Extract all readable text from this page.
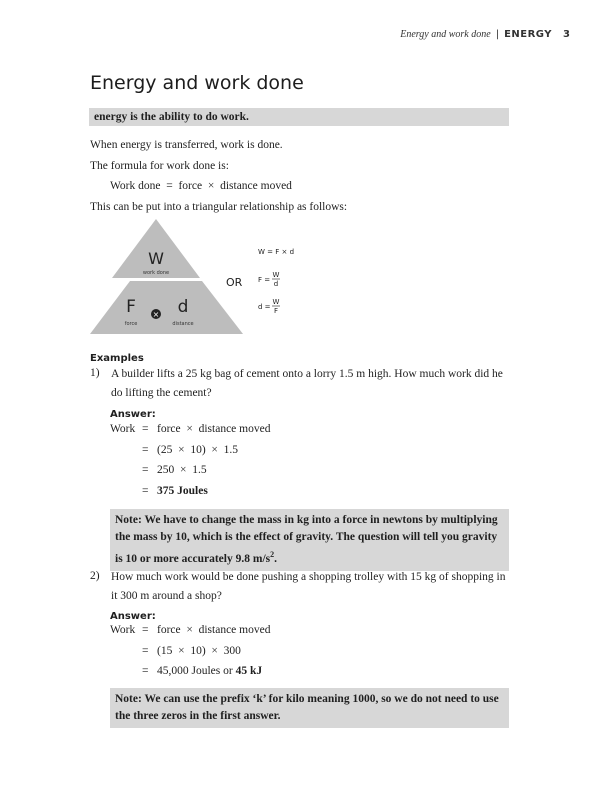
Energy and work done | ENERGY 3
Energy and work done
energy is the ability to do work.

When energy is transferred, work is done.

The formula for work done is:

Work done  =  force  ×  distance moved

This can be put into a triangular relationship as follows:

W
work done
F
force
d
distance
×
OR
W = F × d
F =
W
d
d =
W
F
Examples
1) A builder lifts a 25 kg bag of cement onto a lorry 1.5 m high. How much work did he do lifting the cement?
Answer:
Work = force  ×  distance moved
= (25  ×  10)  ×  1.5
= 250  ×  1.5
= 375 Joules
Note: We have to change the mass in kg into a force in newtons by multiplying the mass by 10, which is the effect of gravity. The question will tell you gravity is 10 or more accurately 9.8 $m/s^2$.
2) How much work would be done pushing a shopping trolley with 15 kg of shopping in it 300 m around a shop?
Answer:
Work = force  ×  distance moved
= (15  ×  10)  ×  300
= 45,000 Joules or 45 kJ
Note: We can use the prefix ‘k’ for kilo meaning 1000, so we do not need to use the three zeros in the first answer.
